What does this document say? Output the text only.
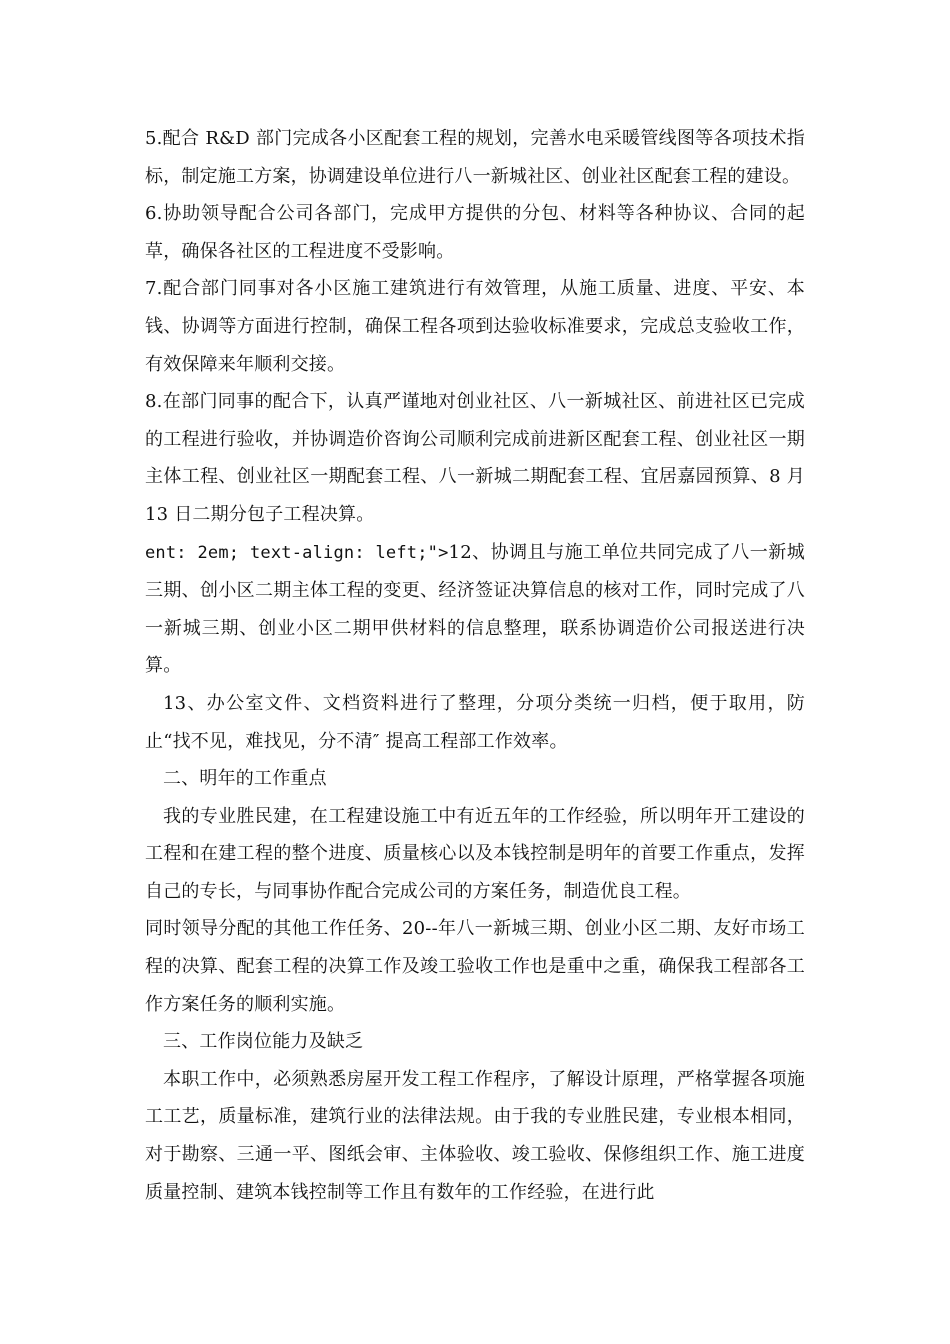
5.配合 R&D 部门完成各小区配套工程的规划，完善水电采暖管线图等各项技术指标，制定施工方案，协调建设单位进行八一新城社区、创业社区配套工程的建设。

6.协助领导配合公司各部门，完成甲方提供的分包、材料等各种协议、合同的起草，确保各社区的工程进度不受影响。

7.配合部门同事对各小区施工建筑进行有效管理，从施工质量、进度、平安、本钱、协调等方面进行控制，确保工程各项到达验收标准要求，完成总支验收工作，有效保障来年顺利交接。

8.在部门同事的配合下，认真严谨地对创业社区、八一新城社区、前进社区已完成的工程进行验收，并协调造价咨询公司顺利完成前进新区配套工程、创业社区一期主体工程、创业社区一期配套工程、八一新城二期配套工程、宜居嘉园预算、8 月 13 日二期分包子工程决算。

ent: 2em; text-align: left;">12、协调且与施工单位共同完成了八一新城三期、创小区二期主体工程的变更、经济签证决算信息的核对工作，同时完成了八一新城三期、创业小区二期甲供材料的信息整理，联系协调造价公司报送进行决算。

13、办公室文件、文档资料进行了整理，分项分类统一归档，便于取用，防止“找不见，难找见，分不清″ 提高工程部工作效率。

二、明年的工作重点

我的专业胜民建，在工程建设施工中有近五年的工作经验，所以明年开工建设的工程和在建工程的整个进度、质量核心以及本钱控制是明年的首要工作重点，发挥自己的专长，与同事协作配合完成公司的方案任务，制造优良工程。

同时领导分配的其他工作任务、20--年八一新城三期、创业小区二期、友好市场工程的决算、配套工程的决算工作及竣工验收工作也是重中之重，确保我工程部各工作方案任务的顺利实施。

三、工作岗位能力及缺乏

本职工作中，必须熟悉房屋开发工程工作程序，了解设计原理，严格掌握各项施工工艺，质量标准，建筑行业的法律法规。由于我的专业胜民建，专业根本相同，对于勘察、三通一平、图纸会审、主体验收、竣工验收、保修组织工作、施工进度质量控制、建筑本钱控制等工作且有数年的工作经验，在进行此
